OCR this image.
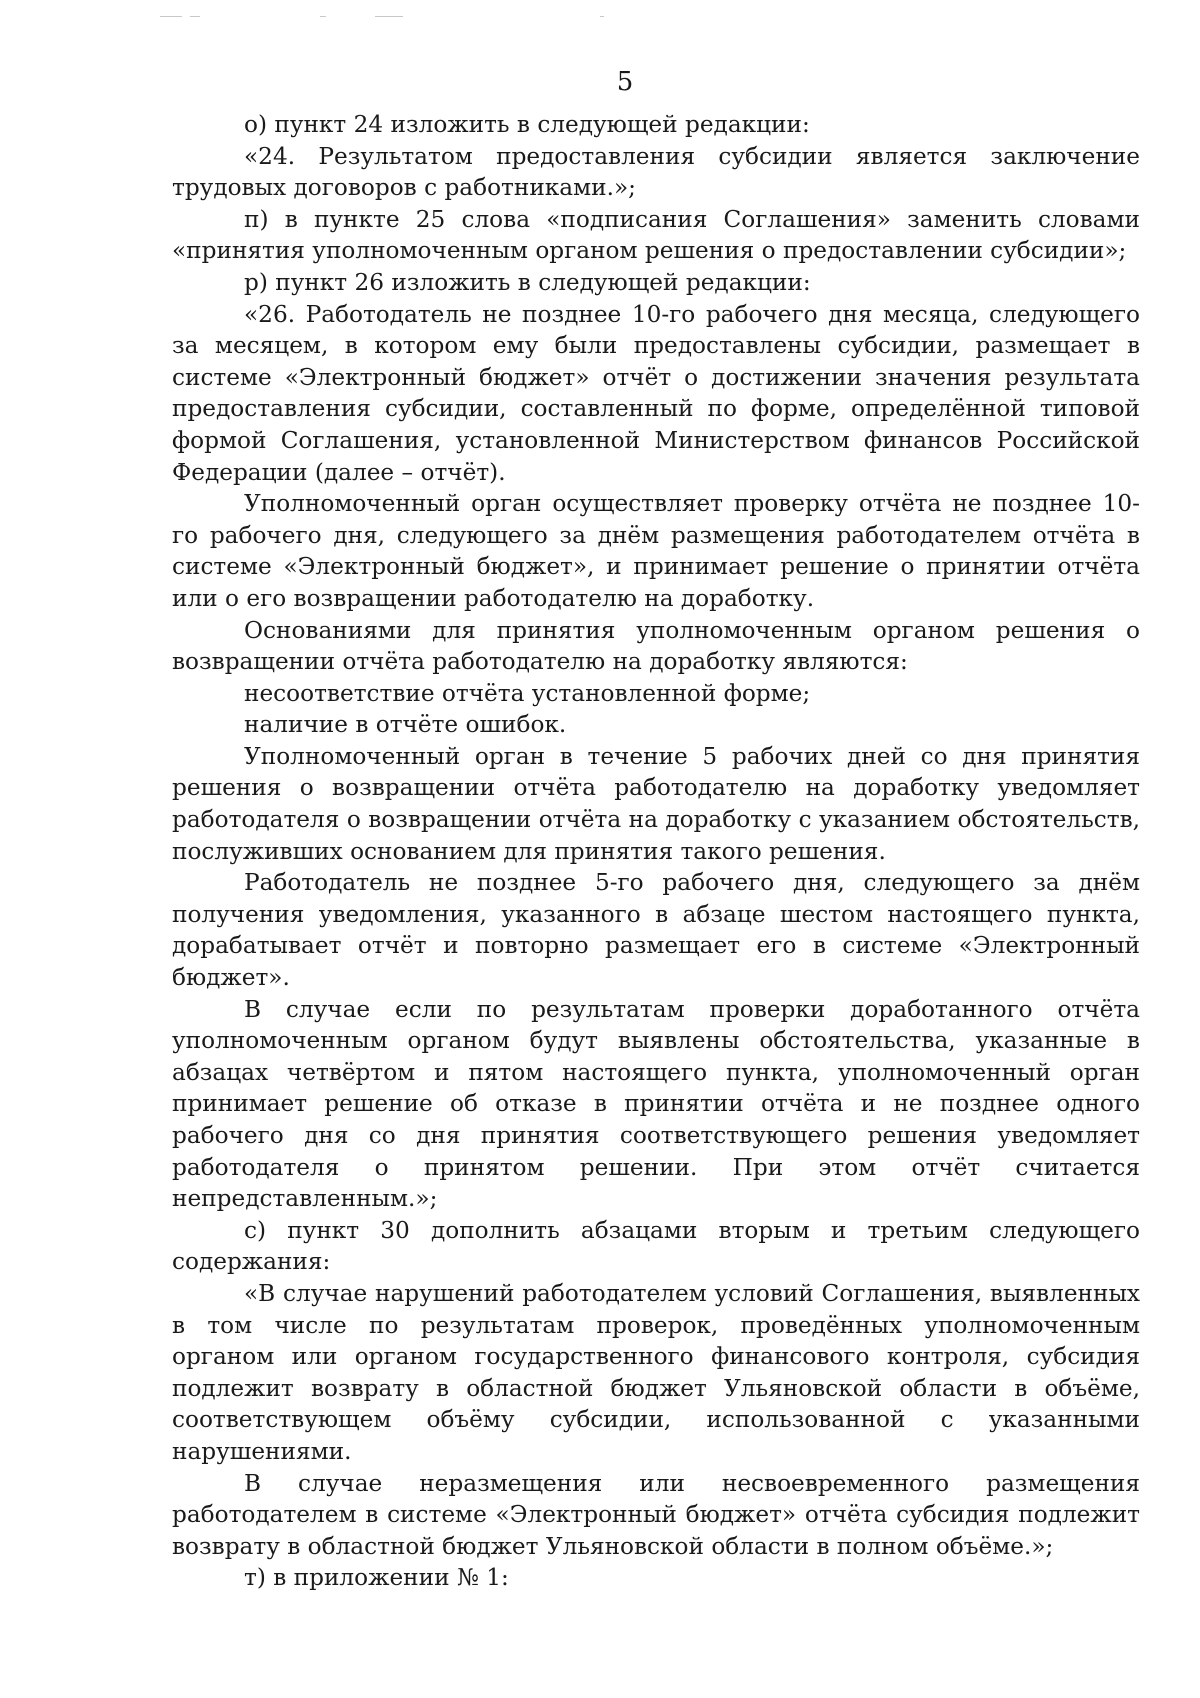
5

о) пункт 24 изложить в следующей редакции:

«24. Результатом предоставления субсидии является заключение трудовых договоров с работниками.»;

п) в пункте 25 слова «подписания Соглашения» заменить словами «принятия уполномоченным органом решения о предоставлении субсидии»;

р) пункт 26 изложить в следующей редакции:

«26. Работодатель не позднее 10-го рабочего дня месяца, следующего за месяцем, в котором ему были предоставлены субсидии, размещает в системе «Электронный бюджет» отчёт о достижении значения результата предоставления субсидии, составленный по форме, определённой типовой формой Соглашения, установленной Министерством финансов Российской Федерации (далее – отчёт).

Уполномоченный орган осуществляет проверку отчёта не позднее 10-го рабочего дня, следующего за днём размещения работодателем отчёта в системе «Электронный бюджет», и принимает решение о принятии отчёта или о его возвращении работодателю на доработку.

Основаниями для принятия уполномоченным органом решения о возвращении отчёта работодателю на доработку являются:

несоответствие отчёта установленной форме;

наличие в отчёте ошибок.

Уполномоченный орган в течение 5 рабочих дней со дня принятия решения о возвращении отчёта работодателю на доработку уведомляет работодателя о возвращении отчёта на доработку с указанием обстоятельств, послуживших основанием для принятия такого решения.

Работодатель не позднее 5-го рабочего дня, следующего за днём получения уведомления, указанного в абзаце шестом настоящего пункта, дорабатывает отчёт и повторно размещает его в системе «Электронный бюджет».

В случае если по результатам проверки доработанного отчёта уполномоченным органом будут выявлены обстоятельства, указанные в абзацах четвёртом и пятом настоящего пункта, уполномоченный орган принимает решение об отказе в принятии отчёта и не позднее одного рабочего дня со дня принятия соответствующего решения уведомляет работодателя о принятом решении. При этом отчёт считается непредставленным.»;

с) пункт 30 дополнить абзацами вторым и третьим следующего содержания:

«В случае нарушений работодателем условий Соглашения, выявленных в том числе по результатам проверок, проведённых уполномоченным органом или органом государственного финансового контроля, субсидия подлежит возврату в областной бюджет Ульяновской области в объёме, соответствующем объёму субсидии, использованной с указанными нарушениями.

В случае неразмещения или несвоевременного размещения работодателем в системе «Электронный бюджет» отчёта субсидия подлежит возврату в областной бюджет Ульяновской области в полном объёме.»;

т) в приложении № 1:
